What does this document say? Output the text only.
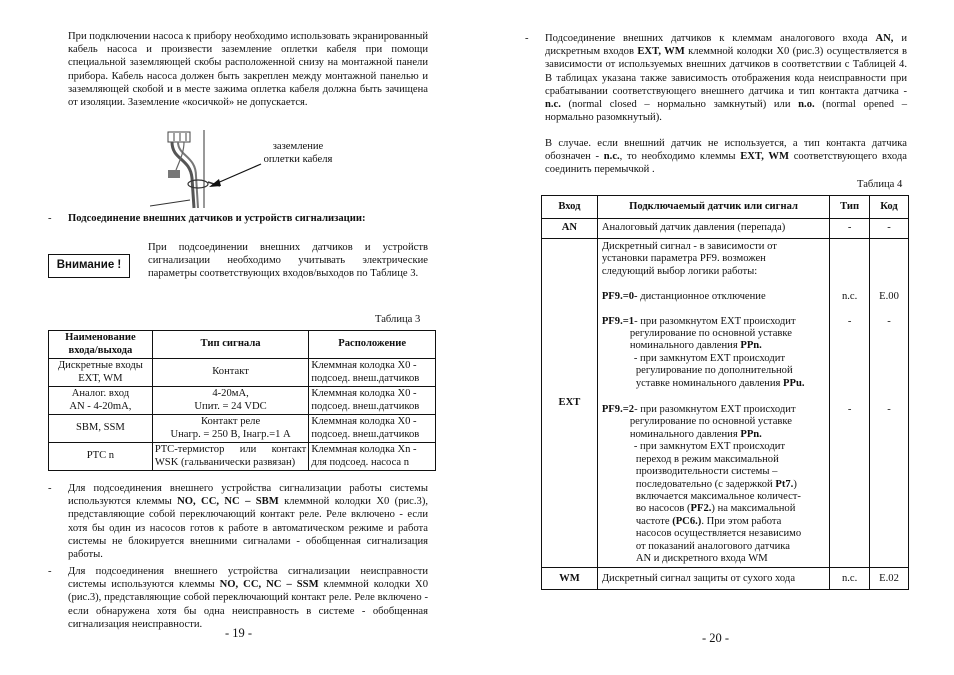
При подключении насоса к прибору необходимо использовать экранированный кабель насоса и произвести заземление оплетки кабеля при помощи специальной заземляющей скобы расположенной снизу на монтажной панели прибора. Кабель насоса должен быть закреплен между монтажной панелью и заземляющей скобой и в месте зажима оплетка кабеля должна быть зачищена от изоляции. Заземление «косичкой» не допускается.

заземление
оплетки кабеля
- Подсоединение внешних датчиков и устройств сигнализации:

Внимание !

При подсоединении внешних датчиков и устройств сигнализации необходимо учитывать электрические параметры соответствующих входов/выходов по Таблице 3.

Таблица 3

Наименование входа/выхода	Тип сигнала	Расположение

Дискретные входы
EXT, WM	Контакт	Клеммная колодка X0 -
подсоед. внеш.датчиков

Аналог. вход
AN - 4-20mA,	4-20мА,
Uпит. = 24 VDC	Клеммная колодка X0 -
подсоед. внеш.датчиков

SBM, SSM	Контакт реле
Uнагр. = 250 В, Iнагр.=1 А	Клеммная колодка X0 -
подсоед. внеш.датчиков

PTC n	PTC-термистор или контакт
WSK (гальванически развязан)	Клеммная колодка Xn -
для подсоед. насоса n
- Для подсоединения внешнего устройства сигнализации работы системы используются клеммы NO, CC, NC – SBM клеммной колодки X0 (рис.3), представляющие собой переключающий контакт реле. Реле включено - если хотя бы один из насосов готов к работе в автоматическом режиме и работа системы не блокируется внешними сигналами - обобщенная сигнализация работы.

- Для подсоединения внешнего устройства сигнализации неисправности системы используются клеммы NO, CC, NC – SSM клеммной колодки X0 (рис.3), представляющие собой переключающий контакт реле. Реле включено - если обнаружена хотя бы одна неисправность в системе - обобщенная сигнализация неисправности.

- 19 -
- Подсоединение внешних датчиков к клеммам аналогового входа AN, и дискретным входов EXT, WM клеммной колодки X0 (рис.3) осуществляется в зависимости от используемых внешних датчиков в соответствии с Таблицей 4. В таблицах указана также зависимость отображения кода неисправности при срабатывании соответствующего внешнего датчика и тип контакта датчика - n.c. (normal closed – нормально замкнутый) или n.o. (normal opened – нормально разомкнутый).

В случае. если внешний датчик не используется, а тип контакта датчика обозначен - n.c., то необходимо клеммы EXT, WM соответствующего входа соединить перемычкой .

Таблица 4

Вход	Подключаемый датчик или сигнал	Тип	Код
AN	Аналоговый датчик давления (перепада)	-	-
EXT	Дискретный сигнал - в зависимости от
установки параметра PF9. возможен
следующий выбор логики работы:
PF9.=0- дистанционное отключение	n.c.	E.00

PF9.=1- при разомкнутом EXT происходит
регулирование по основной уставке
номинального давления PPn.
- при замкнутом EXT происходит
регулирование по дополнительной
уставке номинального давления PPu.
	-	-

PF9.=2- при разомкнутом EXT происходит
регулирование по основной уставке
номинального давления PPn.
- при замкнутом EXT происходит
переход в режим максимальной
производительности системы –
последовательно (с задержкой Pt7.)
включается максимальное количест-
во насосов (PF2.) на максимальной
частоте (PC6.). При этом работа
насосов осуществляется независимо
от показаний аналогового датчика
AN и дискретного входа WM
	-	-
WM	Дискретный сигнал защиты от сухого хода	n.c.	E.02
- 20 -
